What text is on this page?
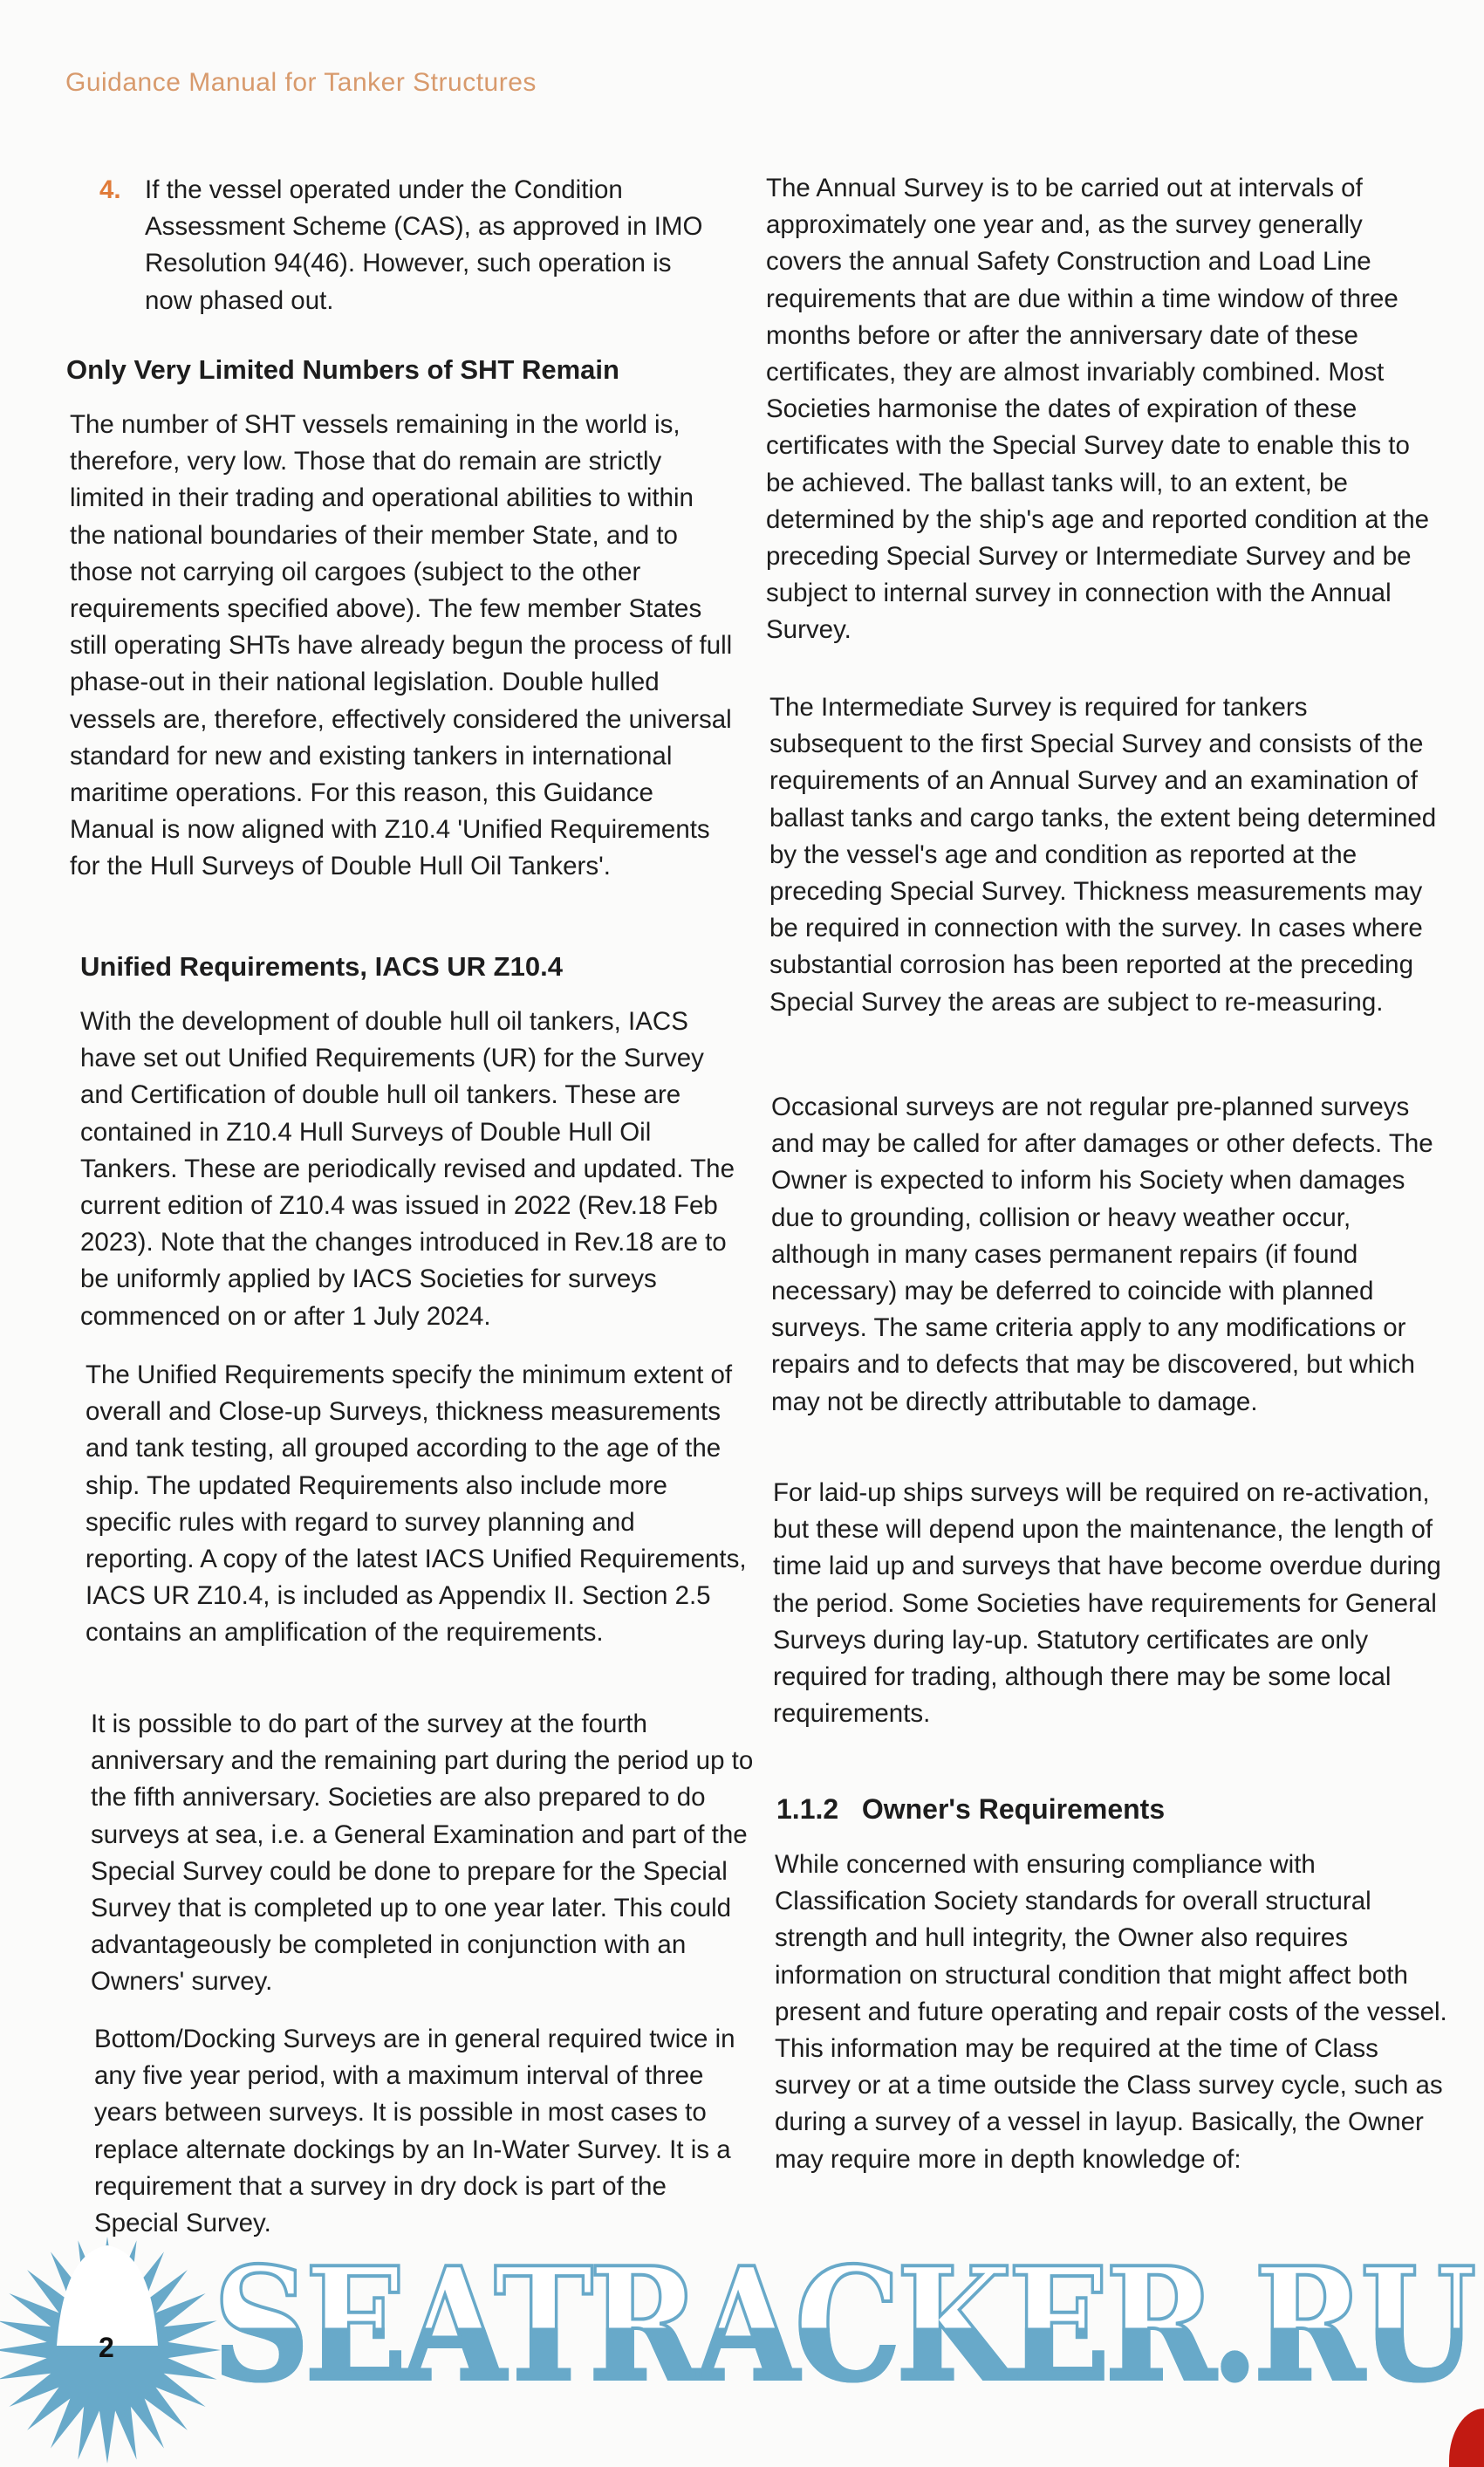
Guidance Manual for Tanker Structures
4. If the vessel operated under the Condition Assessment Scheme (CAS), as approved in IMO Resolution 94(46). However, such operation is now phased out.
Only Very Limited Numbers of SHT Remain
The number of SHT vessels remaining in the world is, therefore, very low. Those that do remain are strictly limited in their trading and operational abilities to within the national boundaries of their member State, and to those not carrying oil cargoes (subject to the other requirements specified above). The few member States still operating SHTs have already begun the process of full phase-out in their national legislation. Double hulled vessels are, therefore, effectively considered the universal standard for new and existing tankers in international maritime operations. For this reason, this Guidance Manual is now aligned with Z10.4 'Unified Requirements for the Hull Surveys of Double Hull Oil Tankers'.
Unified Requirements, IACS UR Z10.4
With the development of double hull oil tankers, IACS have set out Unified Requirements (UR) for the Survey and Certification of double hull oil tankers. These are contained in Z10.4 Hull Surveys of Double Hull Oil Tankers. These are periodically revised and updated. The current edition of Z10.4 was issued in 2022 (Rev.18 Feb 2023). Note that the changes introduced in Rev.18 are to be uniformly applied by IACS Societies for surveys commenced on or after 1 July 2024.
The Unified Requirements specify the minimum extent of overall and Close-up Surveys, thickness measurements and tank testing, all grouped according to the age of the ship. The updated Requirements also include more specific rules with regard to survey planning and reporting. A copy of the latest IACS Unified Requirements, IACS UR Z10.4, is included as Appendix II. Section 2.5 contains an amplification of the requirements.
It is possible to do part of the survey at the fourth anniversary and the remaining part during the period up to the fifth anniversary. Societies are also prepared to do surveys at sea, i.e. a General Examination and part of the Special Survey could be done to prepare for the Special Survey that is completed up to one year later. This could advantageously be completed in conjunction with an Owners' survey.
Bottom/Docking Surveys are in general required twice in any five year period, with a maximum interval of three years between surveys. It is possible in most cases to replace alternate dockings by an In-Water Survey. It is a requirement that a survey in dry dock is part of the Special Survey.
The Annual Survey is to be carried out at intervals of approximately one year and, as the survey generally covers the annual Safety Construction and Load Line requirements that are due within a time window of three months before or after the anniversary date of these certificates, they are almost invariably combined. Most Societies harmonise the dates of expiration of these certificates with the Special Survey date to enable this to be achieved. The ballast tanks will, to an extent, be determined by the ship's age and reported condition at the preceding Special Survey or Intermediate Survey and be subject to internal survey in connection with the Annual Survey.
The Intermediate Survey is required for tankers subsequent to the first Special Survey and consists of the requirements of an Annual Survey and an examination of ballast tanks and cargo tanks, the extent being determined by the vessel's age and condition as reported at the preceding Special Survey. Thickness measurements may be required in connection with the survey. In cases where substantial corrosion has been reported at the preceding Special Survey the areas are subject to re-measuring.
Occasional surveys are not regular pre-planned surveys and may be called for after damages or other defects. The Owner is expected to inform his Society when damages due to grounding, collision or heavy weather occur, although in many cases permanent repairs (if found necessary) may be deferred to coincide with planned surveys. The same criteria apply to any modifications or repairs and to defects that may be discovered, but which may not be directly attributable to damage.
For laid-up ships surveys will be required on re-activation, but these will depend upon the maintenance, the length of time laid up and surveys that have become overdue during the period. Some Societies have requirements for General Surveys during lay-up. Statutory certificates are only required for trading, although there may be some local requirements.
1.1.2   Owner's Requirements
While concerned with ensuring compliance with Classification Society standards for overall structural strength and hull integrity, the Owner also requires information on structural condition that might affect both present and future operating and repair costs of the vessel. This information may be required at the time of Class survey or at a time outside the Class survey cycle, such as during a survey of a vessel in layup. Basically, the Owner may require more in depth knowledge of:
SEATRACKER.RU
2
